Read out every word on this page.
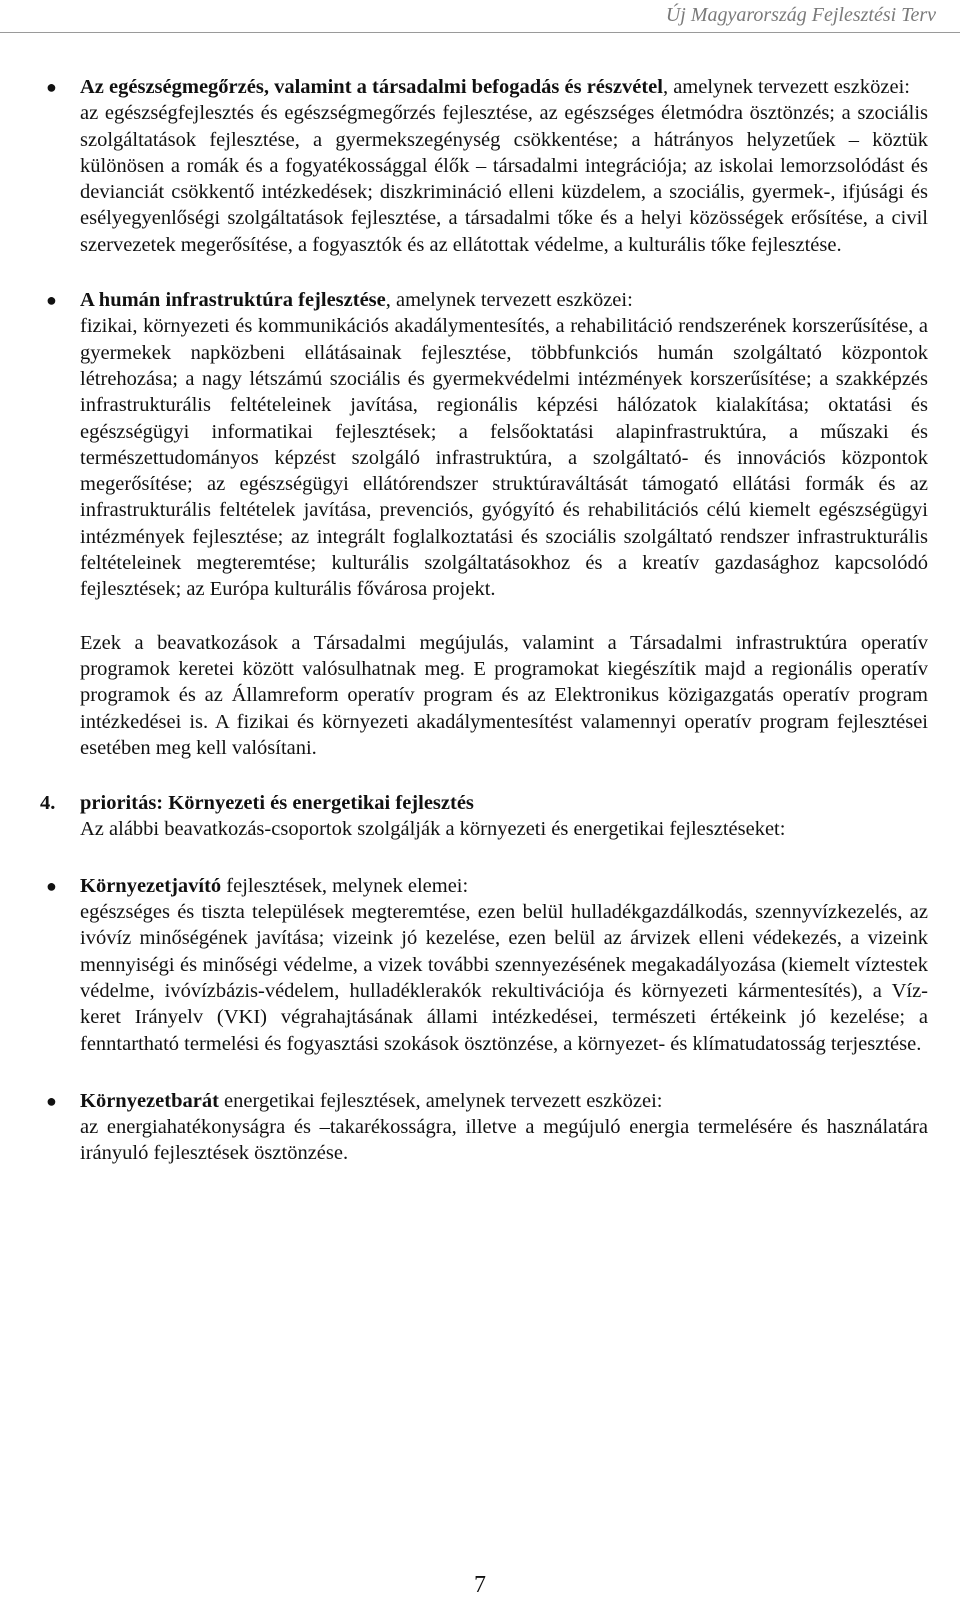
Új Magyarország Fejlesztési Terv
● Az egészségmegőrzés, valamint a társadalmi befogadás és részvétel, amelynek tervezett eszközei:
az egészségfejlesztés és egészségmegőrzés fejlesztése, az egészséges életmódra ösztönzés; a szociális szolgáltatások fejlesztése, a gyermekszegénység csökkentése; a hátrányos helyzetűek – köztük különösen a romák és a fogyatékossággal élők – társadalmi integrációja; az iskolai lemorzsolódást és devianciát csökkentő intézkedések; diszkrimináció elleni küzdelem, a szociális, gyermek-, ifjúsági és esélyegyenlőségi szolgáltatások fejlesztése, a társadalmi tőke és a helyi közösségek erősítése, a civil szervezetek megerősítése, a fogyasztók és az ellátottak védelme, a kulturális tőke fejlesztése.
● A humán infrastruktúra fejlesztése, amelynek tervezett eszközei:
fizikai, környezeti és kommunikációs akadálymentesítés, a rehabilitáció rendszerének korszerűsítése, a gyermekek napközbeni ellátásainak fejlesztése, többfunkciós humán szolgáltató központok létrehozása; a nagy létszámú szociális és gyermekvédelmi intézmények korszerűsítése; a szakképzés infrastrukturális feltételeinek javítása, regionális képzési hálózatok kialakítása; oktatási és egészségügyi informatikai fejlesztések; a felsőoktatási alapinfrastruktúra, a műszaki és természettudományos képzést szolgáló infrastruktúra, a szolgáltató- és innovációs központok megerősítése; az egészségügyi ellátórendszer struktúraváltását támogató ellátási formák és az infrastrukturális feltételek javítása, prevenciós, gyógyító és rehabilitációs célú kiemelt egészségügyi intézmények fejlesztése; az integrált foglalkoztatási és szociális szolgáltató rendszer infrastrukturális feltételeinek megteremtése; kulturális szolgáltatásokhoz és a kreatív gazdasághoz kapcsolódó fejlesztések; az Európa kulturális fővárosa projekt.
Ezek a beavatkozások a Társadalmi megújulás, valamint a Társadalmi infrastruktúra operatív programok keretei között valósulhatnak meg. E programokat kiegészítik majd a regionális operatív programok és az Államreform operatív program és az Elektronikus közigazgatás operatív program intézkedései is. A fizikai és környezeti akadálymentesítést valamennyi operatív program fejlesztései esetében meg kell valósítani.
4. prioritás: Környezeti és energetikai fejlesztés
Az alábbi beavatkozás-csoportok szolgálják a környezeti és energetikai fejlesztéseket:
● Környezetjavító fejlesztések, melynek elemei:
egészséges és tiszta települések megteremtése, ezen belül hulladékgazdálkodás, szennyvízkezelés, az ivóvíz minőségének javítása; vizeink jó kezelése, ezen belül az árvizek elleni védekezés, a vizeink mennyiségi és minőségi védelme, a vizek további szennyezésének megakadályozása (kiemelt víztestek védelme, ivóvízbázis-védelem, hulladéklerakók rekultivációja és környezeti kármentesítés), a Víz-keret Irányelv (VKI) végrahajtásának állami intézkedései, természeti értékeink jó kezelése; a fenntartható termelési és fogyasztási szokások ösztönzése, a környezet- és klímatudatosság terjesztése.
● Környezetbarát energetikai fejlesztések, amelynek tervezett eszközei:
az energiahatékonyságra és –takarékosságra, illetve a megújuló energia termelésére és használatára irányuló fejlesztések ösztönzése.
7
